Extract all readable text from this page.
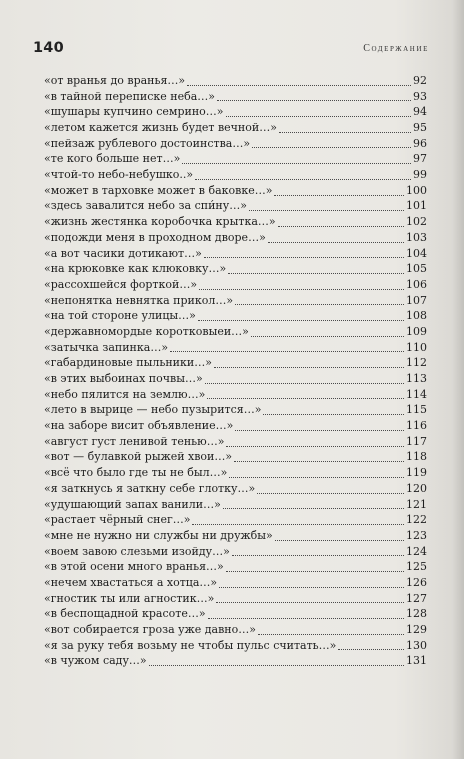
140	Содержание
«от вранья до вранья…»	92
«в тайной переписке неба…»	93
«шушары купчино семрино…»	94
«летом кажется жизнь будет вечной…»	95
«пейзаж рублевого достоинства…»	96
«те кого больше нет…»	97
«чтой-то небо-небушко..»	99
«может в тарховке может в баковке…»	100
«здесь завалится небо за спи́ну…»	101
«жизнь жестянка коробочка крытка…»	102
«подожди меня в проходном дворе…»	103
«а вот часики дотикают…»	104
«на крюковке как клюковку…»	105
«рассохшейся форткой…»	106
«непонятка невнятка прикол…»	107
«на той стороне улицы…»	108
«державномордые коротковыеи…»	109
«затычка запинка…»	110
«габардиновые пыльники…»	112
«в этих выбоинах почвы…»	113
«небо пялится на землю…»	114
«лето в вырице — небо пузырится…»	115
«на заборе висит объявление…»	116
«август густ ленивой тенью…»	117
«вот — булавкой рыжей хвои…»	118
«всё что было где ты не был…»	119
«я заткнусь я заткну себе глотку…»	120
«удушающий запах ванили…»	121
«растает чёрный снег…»	122
«мне не нужно ни службы ни дружбы»	123
«воем завою слезьми изойду…»	124
«в этой осени много вранья…»	125
«нечем хвастаться а хотца…»	126
«гностик ты или агностик…»	127
«в беспощадной красоте…»	128
«вот собирается гроза уже давно…»	129
«я за руку тебя возьму не чтобы пульс считать…»	130
«в чужом саду…»	131
